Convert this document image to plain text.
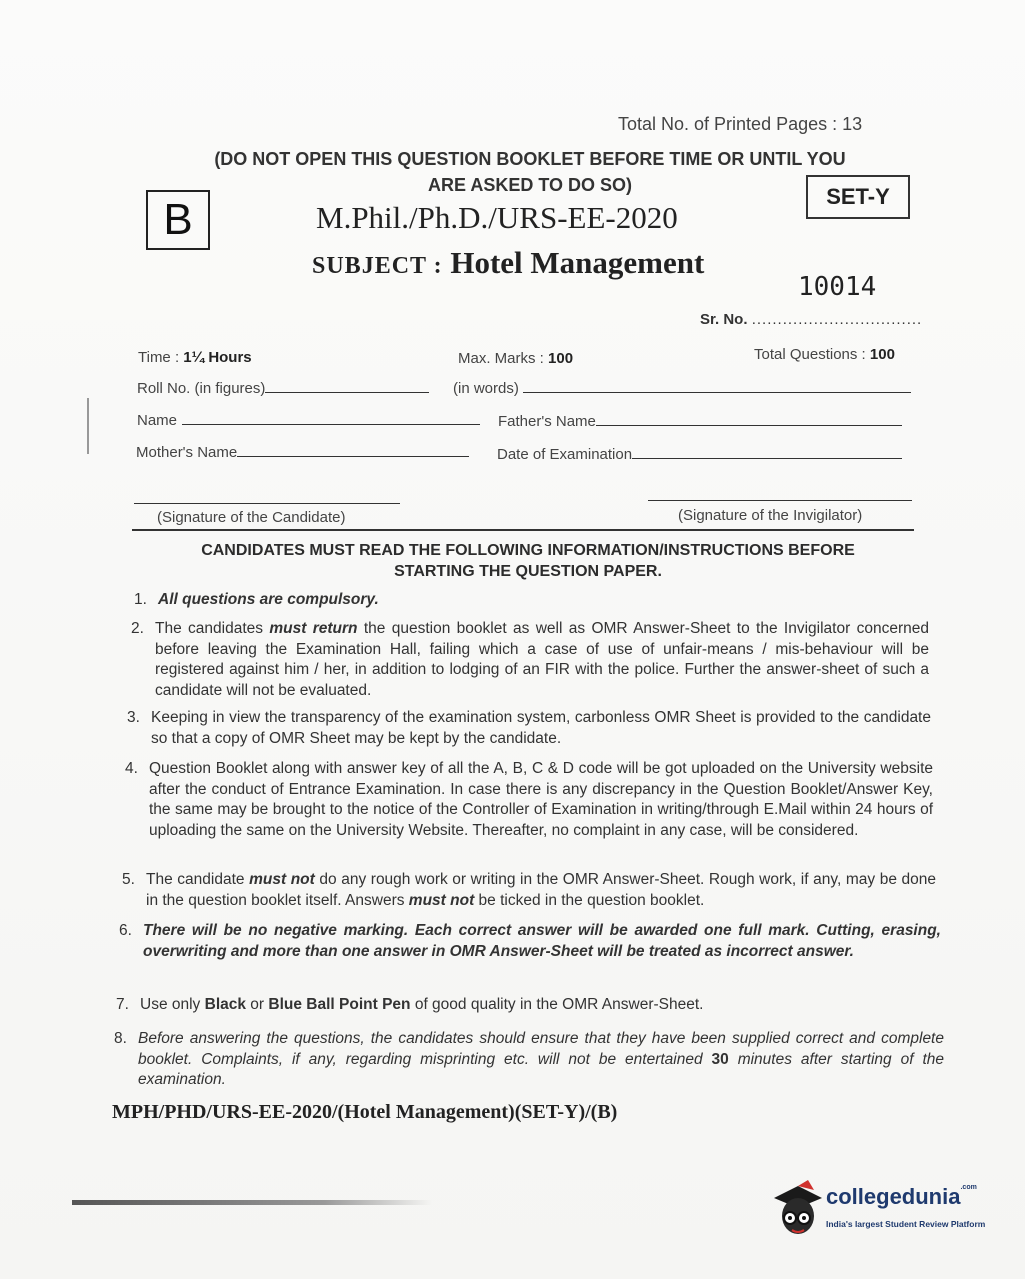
Total No. of Printed Pages : 13
(DO NOT OPEN THIS QUESTION BOOKLET BEFORE TIME OR UNTIL YOU
ARE ASKED TO DO SO)	SET-Y
B	M.Phil./Ph.D./URS-EE-2020
SUBJECT : Hotel Management
10014
Sr. No. .................................
Time : 1¼ Hours	Max. Marks : 100	Total Questions : 100
Roll No. (in figures)	(in words)
Name	Father's Name
Mother's Name	Date of Examination
(Signature of the Candidate)	(Signature of the Invigilator)
CANDIDATES MUST READ THE FOLLOWING INFORMATION/INSTRUCTIONS BEFORE
STARTING THE QUESTION PAPER.
1. All questions are compulsory.
2. The candidates must return the question booklet as well as OMR Answer-Sheet to the Invigilator concerned before leaving the Examination Hall, failing which a case of use of unfair-means / mis-behaviour will be registered against him / her, in addition to lodging of an FIR with the police. Further the answer-sheet of such a candidate will not be evaluated.
3. Keeping in view the transparency of the examination system, carbonless OMR Sheet is provided to the candidate so that a copy of OMR Sheet may be kept by the candidate.
4. Question Booklet along with answer key of all the A, B, C & D code will be got uploaded on the University website after the conduct of Entrance Examination. In case there is any discrepancy in the Question Booklet/Answer Key, the same may be brought to the notice of the Controller of Examination in writing/through E.Mail within 24 hours of uploading the same on the University Website. Thereafter, no complaint in any case, will be considered.
5. The candidate must not do any rough work or writing in the OMR Answer-Sheet. Rough work, if any, may be done in the question booklet itself. Answers must not be ticked in the question booklet.
6. There will be no negative marking. Each correct answer will be awarded one full mark. Cutting, erasing, overwriting and more than one answer in OMR Answer-Sheet will be treated as incorrect answer.
7. Use only Black or Blue Ball Point Pen of good quality in the OMR Answer-Sheet.
8. Before answering the questions, the candidates should ensure that they have been supplied correct and complete booklet. Complaints, if any, regarding misprinting etc. will not be entertained 30 minutes after starting of the examination.
MPH/PHD/URS-EE-2020/(Hotel Management)(SET-Y)/(B)
collegedunia$^{.com}$
India's largest Student Review Platform
